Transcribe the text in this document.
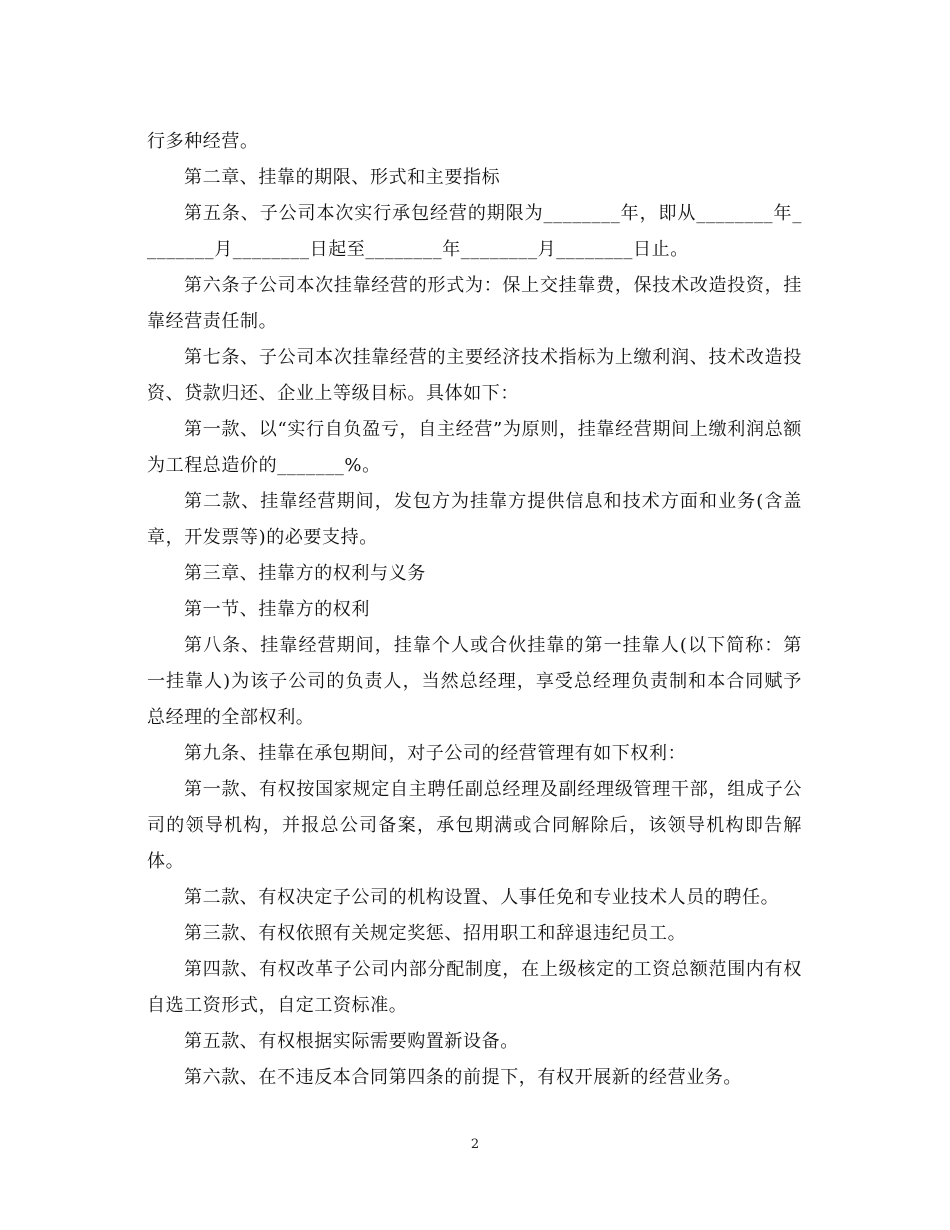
行多种经营。

第二章、挂靠的期限、形式和主要指标

第五条、子公司本次实行承包经营的期限为________年，即从________年________月________日起至________年________月________日止。

第六条子公司本次挂靠经营的形式为：保上交挂靠费，保技术改造投资，挂靠经营责任制。

第七条、子公司本次挂靠经营的主要经济技术指标为上缴利润、技术改造投资、贷款归还、企业上等级目标。具体如下：

第一款、以“实行自负盈亏，自主经营”为原则，挂靠经营期间上缴利润总额为工程总造价的_______%。

第二款、挂靠经营期间，发包方为挂靠方提供信息和技术方面和业务(含盖章，开发票等)的必要支持。

第三章、挂靠方的权利与义务

第一节、挂靠方的权利

第八条、挂靠经营期间，挂靠个人或合伙挂靠的第一挂靠人(以下简称：第一挂靠人)为该子公司的负责人，当然总经理，享受总经理负责制和本合同赋予总经理的全部权利。

第九条、挂靠在承包期间，对子公司的经营管理有如下权利：

第一款、有权按国家规定自主聘任副总经理及副经理级管理干部，组成子公司的领导机构，并报总公司备案，承包期满或合同解除后，该领导机构即告解体。

第二款、有权决定子公司的机构设置、人事任免和专业技术人员的聘任。

第三款、有权依照有关规定奖惩、招用职工和辞退违纪员工。

第四款、有权改革子公司内部分配制度，在上级核定的工资总额范围内有权自选工资形式，自定工资标准。

第五款、有权根据实际需要购置新设备。

第六款、在不违反本合同第四条的前提下，有权开展新的经营业务。

2
